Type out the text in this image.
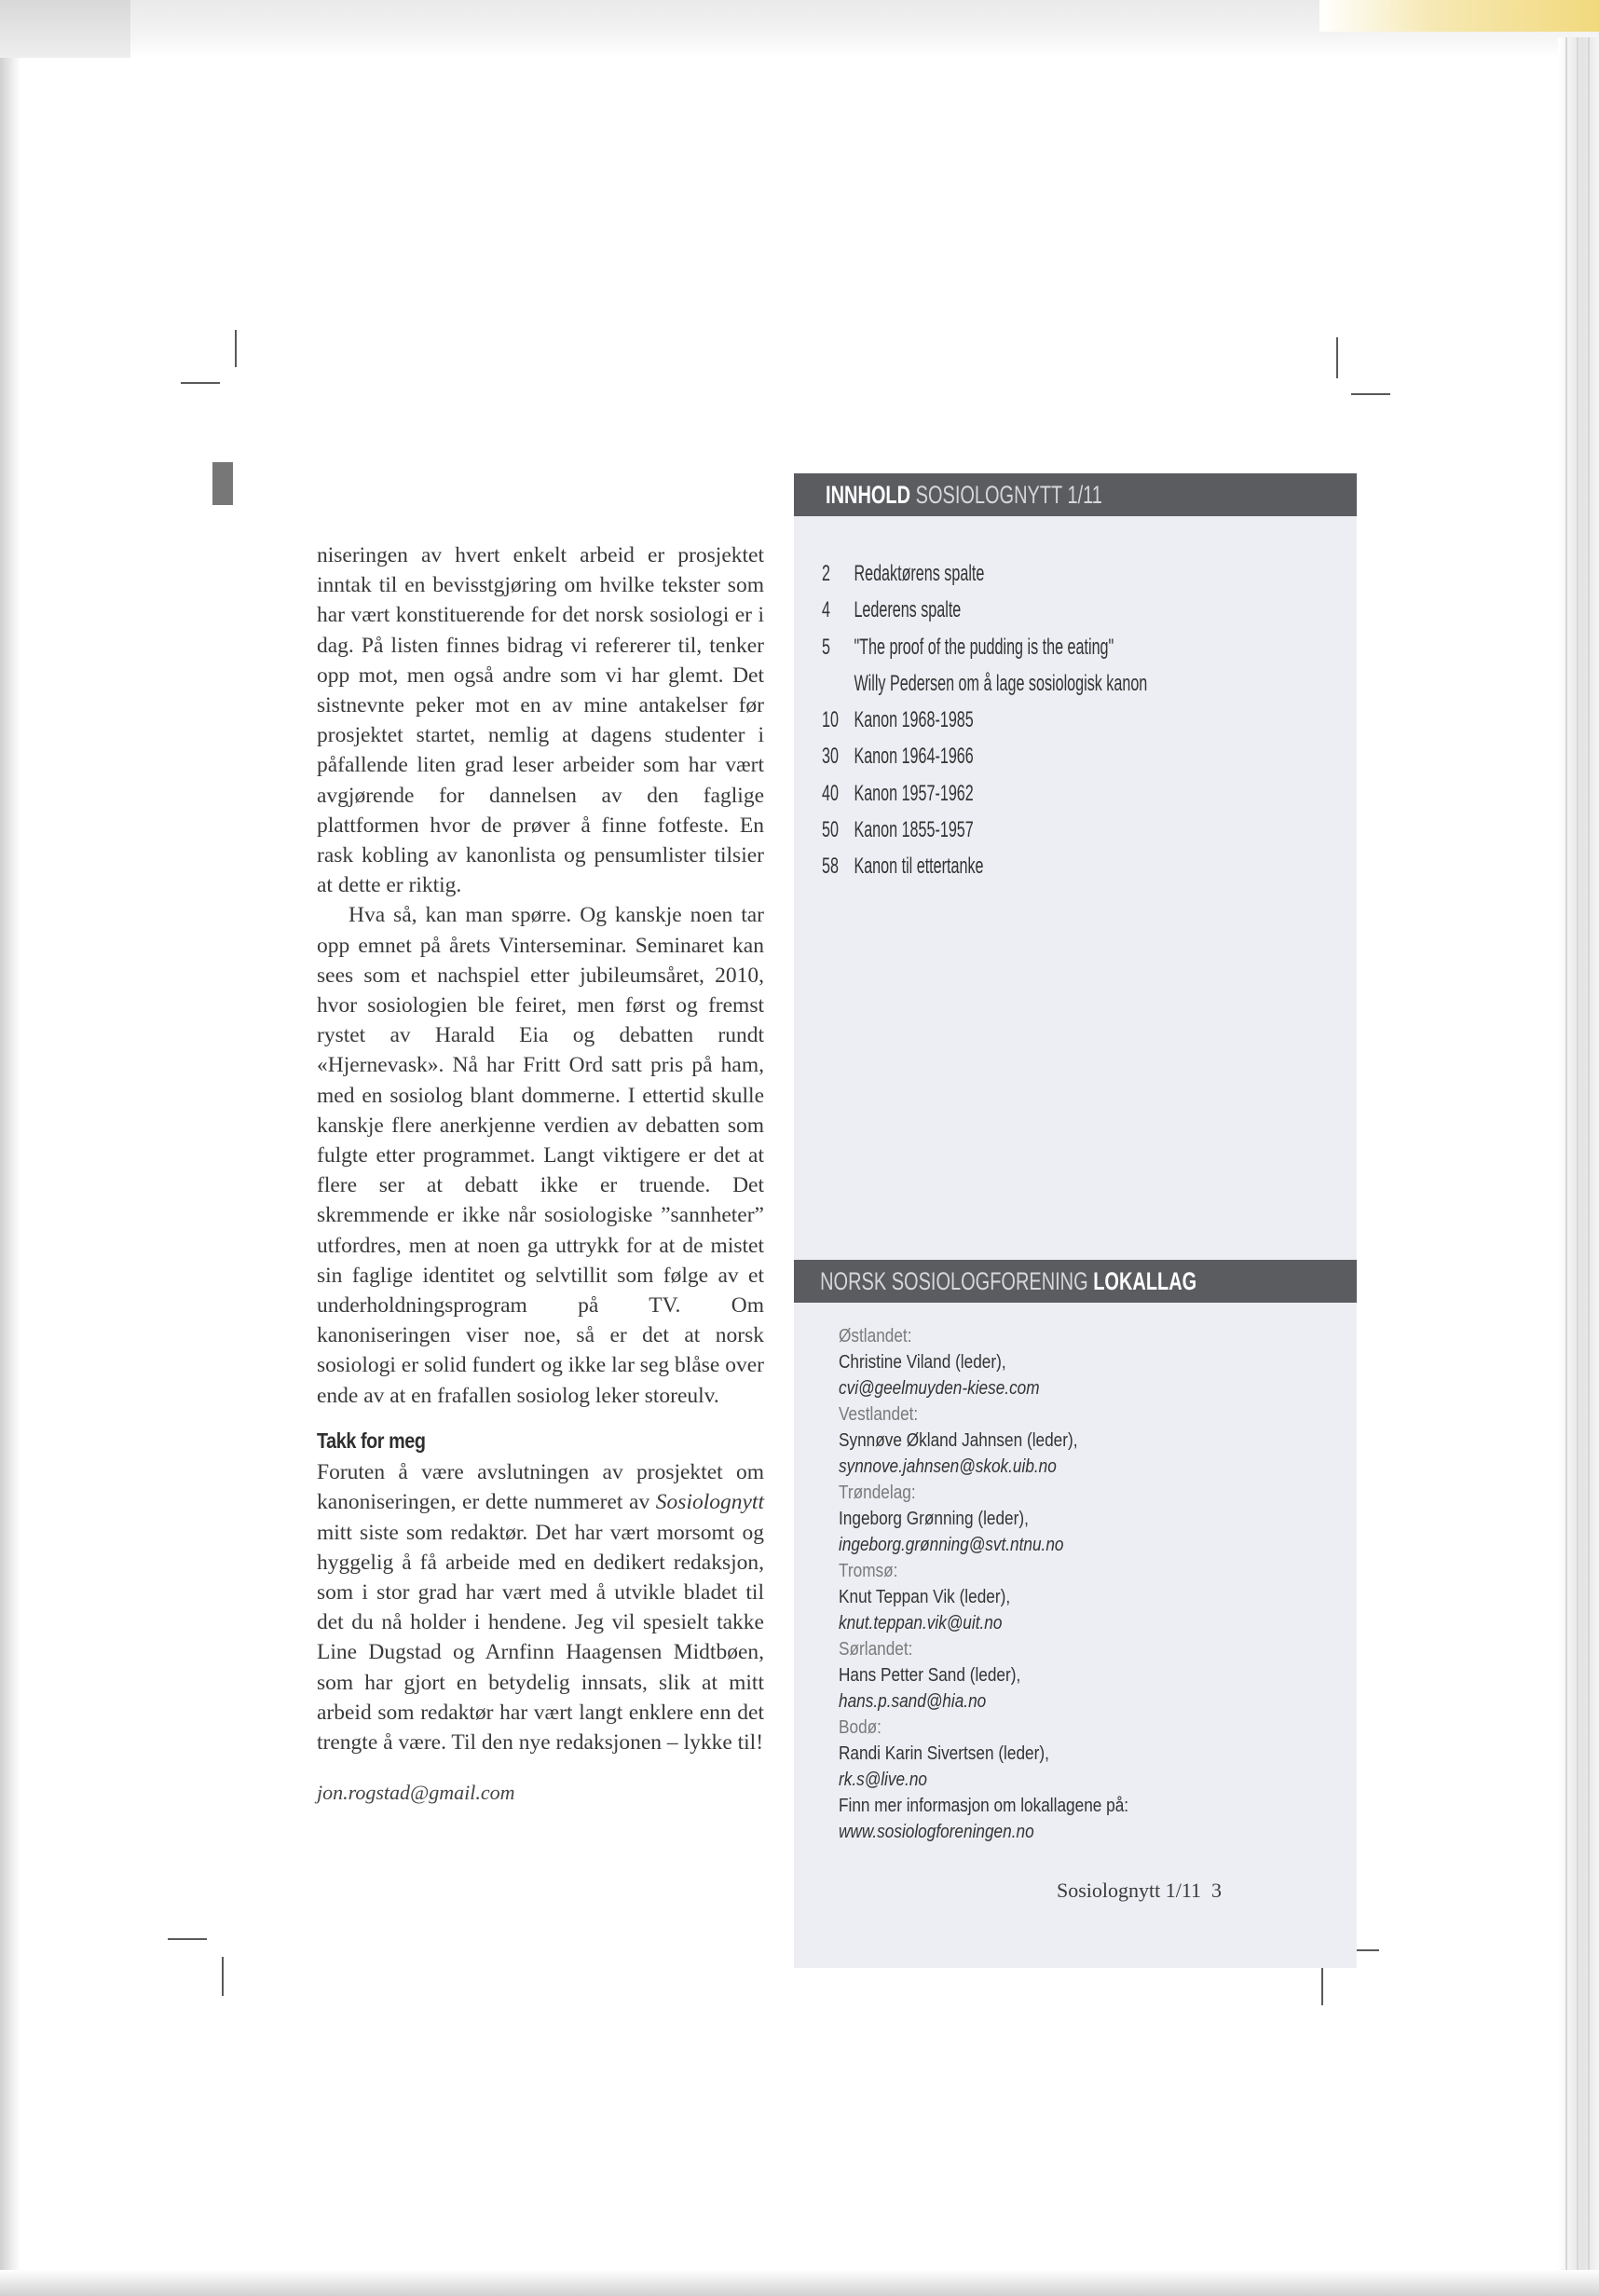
niseringen av hvert enkelt arbeid er prosjektet inntak til en bevisstgjøring om hvilke tekster som har vært konstituerende for det norsk sosiologi er i dag. På listen finnes bidrag vi refererer til, tenker opp mot, men også andre som vi har glemt. Det sistnevnte peker mot en av mine antakelser før prosjektet startet, nemlig at dagens studenter i påfallende liten grad leser arbeider som har vært avgjørende for dannelsen av den faglige plattformen hvor de prøver å finne fotfeste. En rask kobling av kanonlista og pensumlister tilsier at dette er riktig.

Hva så, kan man spørre. Og kanskje noen tar opp emnet på årets Vinterseminar. Seminaret kan sees som et nachspiel etter jubileumsåret, 2010, hvor sosiologien ble feiret, men først og fremst rystet av Harald Eia og debatten rundt «Hjernevask». Nå har Fritt Ord satt pris på ham, med en sosiolog blant dommerne. I ettertid skulle kanskje flere anerkjenne verdien av debatten som fulgte etter programmet. Langt viktigere er det at flere ser at debatt ikke er truende. Det skremmende er ikke når sosiologiske ”sannheter” utfordres, men at noen ga uttrykk for at de mistet sin faglige identitet og selvtillit som følge av et underholdningsprogram på TV. Om kanoniseringen viser noe, så er det at norsk sosiologi er solid fundert og ikke lar seg blåse over ende av at en frafallen sosiolog leker storeulv.

Takk for meg

Foruten å være avslutningen av prosjektet om kanoniseringen, er dette nummeret av Sosiolognytt mitt siste som redaktør. Det har vært morsomt og hyggelig å få arbeide med en dedikert redaksjon, som i stor grad har vært med å utvikle bladet til det du nå holder i hendene. Jeg vil spesielt takke Line Dugstad og Arnfinn Haagensen Midtbøen, som har gjort en betydelig innsats, slik at mitt arbeid som redaktør har vært langt enklere enn det trengte å være. Til den nye redaksjonen – lykke til!

jon.rogstad@gmail.com
INNHOLD SOSIOLOGNYTT 1/11
2 Redaktørens spalte
4 Lederens spalte
5 "The proof of the pudding is the eating"
Willy Pedersen om å lage sosiologisk kanon
10 Kanon 1968-1985
30 Kanon 1964-1966
40 Kanon 1957-1962
50 Kanon 1855-1957
58 Kanon til ettertanke
NORSK SOSIOLOGFORENING LOKALLAG
Østlandet:
Christine Viland (leder),
cvi@geelmuyden-kiese.com
Vestlandet:
Synnøve Økland Jahnsen (leder),
synnove.jahnsen@skok.uib.no
Trøndelag:
Ingeborg Grønning (leder),
ingeborg.grønning@svt.ntnu.no
Tromsø:
Knut Teppan Vik (leder),
knut.teppan.vik@uit.no
Sørlandet:
Hans Petter Sand (leder),
hans.p.sand@hia.no
Bodø:
Randi Karin Sivertsen (leder),
rk.s@live.no
Finn mer informasjon om lokallagene på:
www.sosiologforeningen.no
Sosiolognytt 1/11 3
